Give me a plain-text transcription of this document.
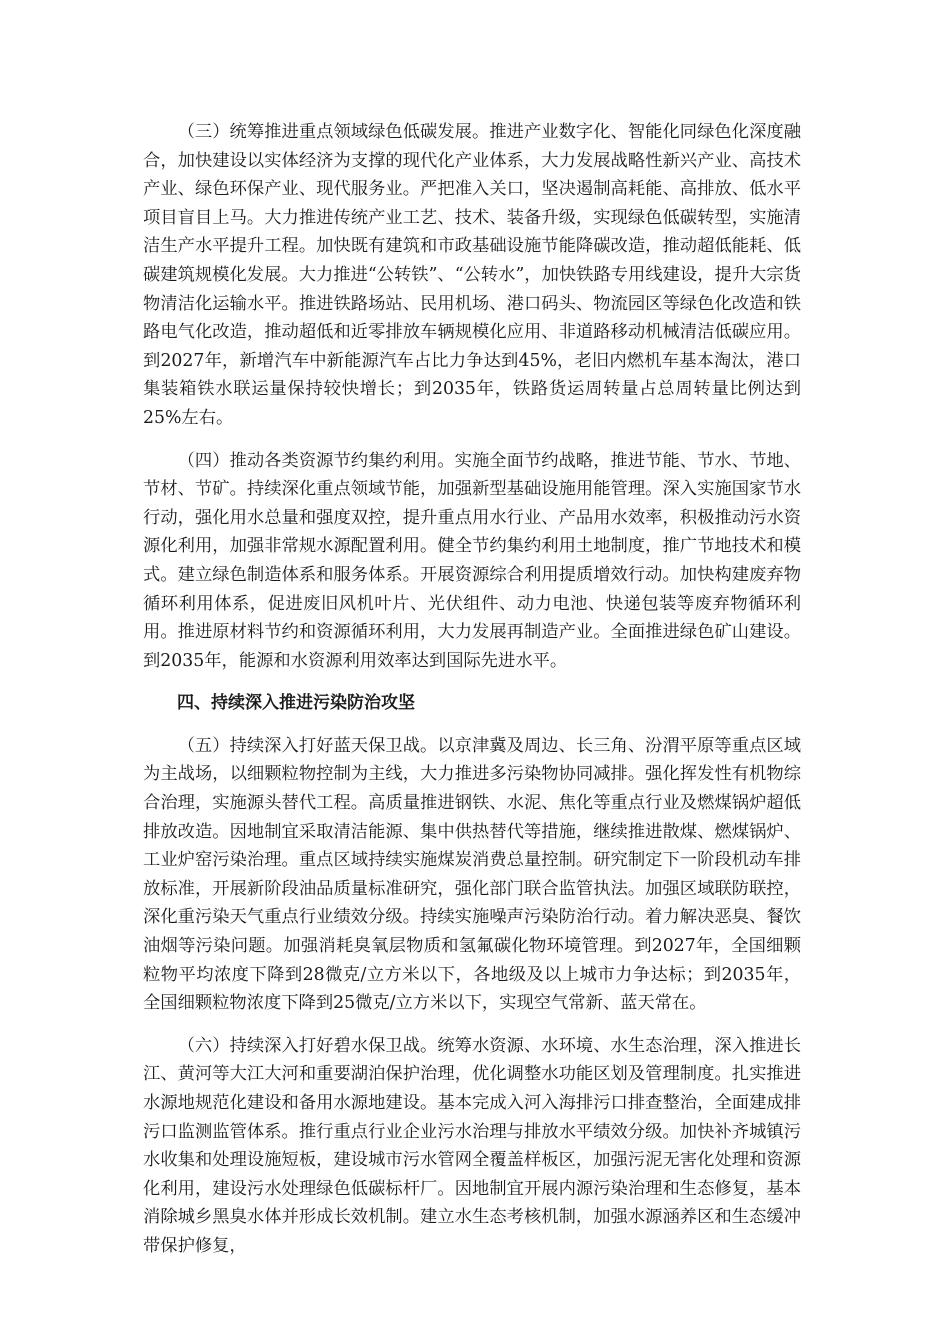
（三）统筹推进重点领域绿色低碳发展。推进产业数字化、智能化同绿色化深度融合，加快建设以实体经济为支撑的现代化产业体系，大力发展战略性新兴产业、高技术产业、绿色环保产业、现代服务业。严把准入关口，坚决遏制高耗能、高排放、低水平项目盲目上马。大力推进传统产业工艺、技术、装备升级，实现绿色低碳转型，实施清洁生产水平提升工程。加快既有建筑和市政基础设施节能降碳改造，推动超低能耗、低碳建筑规模化发展。大力推进“公转铁”、“公转水”，加快铁路专用线建设，提升大宗货物清洁化运输水平。推进铁路场站、民用机场、港口码头、物流园区等绿色化改造和铁路电气化改造，推动超低和近零排放车辆规模化应用、非道路移动机械清洁低碳应用。到2027年，新增汽车中新能源汽车占比力争达到45%，老旧内燃机车基本淘汰，港口集装箱铁水联运量保持较快增长；到2035年，铁路货运周转量占总周转量比例达到25%左右。

（四）推动各类资源节约集约利用。实施全面节约战略，推进节能、节水、节地、节材、节矿。持续深化重点领域节能，加强新型基础设施用能管理。深入实施国家节水行动，强化用水总量和强度双控，提升重点用水行业、产品用水效率，积极推动污水资源化利用，加强非常规水源配置利用。健全节约集约利用土地制度，推广节地技术和模式。建立绿色制造体系和服务体系。开展资源综合利用提质增效行动。加快构建废弃物循环利用体系，促进废旧风机叶片、光伏组件、动力电池、快递包装等废弃物循环利用。推进原材料节约和资源循环利用，大力发展再制造产业。全面推进绿色矿山建设。到2035年，能源和水资源利用效率达到国际先进水平。

四、持续深入推进污染防治攻坚

（五）持续深入打好蓝天保卫战。以京津冀及周边、长三角、汾渭平原等重点区域为主战场，以细颗粒物控制为主线，大力推进多污染物协同减排。强化挥发性有机物综合治理，实施源头替代工程。高质量推进钢铁、水泥、焦化等重点行业及燃煤锅炉超低排放改造。因地制宜采取清洁能源、集中供热替代等措施，继续推进散煤、燃煤锅炉、工业炉窑污染治理。重点区域持续实施煤炭消费总量控制。研究制定下一阶段机动车排放标准，开展新阶段油品质量标准研究，强化部门联合监管执法。加强区域联防联控，深化重污染天气重点行业绩效分级。持续实施噪声污染防治行动。着力解决恶臭、餐饮油烟等污染问题。加强消耗臭氧层物质和氢氟碳化物环境管理。到2027年，全国细颗粒物平均浓度下降到28微克/立方米以下，各地级及以上城市力争达标；到2035年，全国细颗粒物浓度下降到25微克/立方米以下，实现空气常新、蓝天常在。

（六）持续深入打好碧水保卫战。统筹水资源、水环境、水生态治理，深入推进长江、黄河等大江大河和重要湖泊保护治理，优化调整水功能区划及管理制度。扎实推进水源地规范化建设和备用水源地建设。基本完成入河入海排污口排查整治，全面建成排污口监测监管体系。推行重点行业企业污水治理与排放水平绩效分级。加快补齐城镇污水收集和处理设施短板，建设城市污水管网全覆盖样板区，加强污泥无害化处理和资源化利用，建设污水处理绿色低碳标杆厂。因地制宜开展内源污染治理和生态修复，基本消除城乡黑臭水体并形成长效机制。建立水生态考核机制，加强水源涵养区和生态缓冲带保护修复，
